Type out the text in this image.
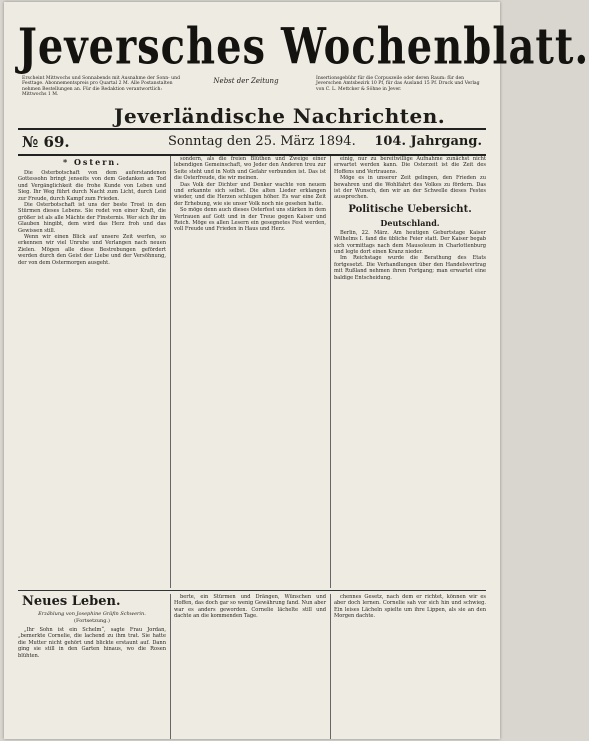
Jeversches Wochenblatt.
Erscheint Mittwochs und Sonnabends mit Ausnahme der Sonn- und Festtage. Abonnementspreis pro Quartal 2 M. Alle Postanstalten nehmen Bestellungen an. Für die Redaktion verantwortlich: Mittwochs 1 M.
Nebst der Zeitung	Insertionsgebühr für die Corpuszeile oder deren Raum: für den Jeverschen Amtsbezirk 10 Pf, für das Ausland 15 Pf. Druck und Verlag von C. L. Mettcker & Söhne in Jever.
Jeverländische Nachrichten.
№ 69.	Sonntag den 25. März 1894. 104. Jahrgang.
* Ostern.

Die Osterbotschaft von dem auferstandenen Gottessohn bringt jenseits von dem Gedanken an Tod und Vergänglichkeit die frohe Kunde von Leben und Sieg. Ihr Weg führt durch Nacht zum Licht, durch Leid zur Freude, durch Kampf zum Frieden.

Die Osterbotschaft ist uns der beste Trost in den Stürmen dieses Lebens. Sie redet von einer Kraft, die größer ist als alle Mächte der Finsternis. Wer sich ihr im Glauben hingibt, dem wird das Herz froh und das Gewissen still.

Wenn wir einen Blick auf unsere Zeit werfen, so erkennen wir viel Unruhe und Verlangen nach neuen Zielen. Mögen alle diese Bestrebungen gefördert werden durch den Geist der Liebe und der Versöhnung, der von dem Ostermorgen ausgeht.

sondern, als die freien Blüthen und Zweige einer lebendigen Gemeinschaft, wo Jeder den Anderen treu zur Seite steht und in Noth und Gefahr verbunden ist. Das ist die Osterfreude, die wir meinen.

Das Volk der Dichter und Denker wachte von neuem und erkannte sich selbst. Die alten Lieder erklangen wieder, und die Herzen schlugen höher. Es war eine Zeit der Erhebung, wie sie unser Volk noch nie gesehen hatte.

So möge denn auch dieses Osterfest uns stärken in dem Vertrauen auf Gott und in der Treue gegen Kaiser und Reich. Möge es allen Lesern ein gesegnetes Fest werden, voll Freude und Frieden in Haus und Herz.

einig, nur zu bereitwillige Aufnahme zunächst nicht erwartet werden kann. Die Osterzeit ist die Zeit des Hoffens und Vertrauens.

Möge es in unserer Zeit gelingen, den Frieden zu bewahren und die Wohlfahrt des Volkes zu fördern. Das ist der Wunsch, den wir an der Schwelle dieses Festes aussprechen.

Politische Uebersicht.
Deutschland.

Berlin, 22. März. Am heutigen Geburtstage Kaiser Wilhelms I. fand die übliche Feier statt. Der Kaiser begab sich vormittags nach dem Mausoleum in Charlottenburg und legte dort einen Kranz nieder.

Im Reichstage wurde die Berathung des Etats fortgesetzt. Die Verhandlungen über den Handelsvertrag mit Rußland nehmen ihren Fortgang; man erwartet eine baldige Entscheidung.

Neues Leben.

Erzählung von Josephine Gräfin Schwerin.

(Fortsetzung.)

„Ihr Sohn ist ein Schelm“, sagte Frau Jordan, „bemerkte Cornelie, die lachend zu ihm trat. Sie hatte die Mutter nicht gehört und blickte erstaunt auf. Dann ging sie still in den Garten hinaus, wo die Rosen blühten.

berte, ein Stürmen und Drängen, Wünschen und Hoffen, das doch gar so wenig Gewährung fand. Nun aber war es anders geworden. Cornelie lächelte still und dachte an die kommenden Tage.

chennes Gesetz, nach dem er richtet, können wir es aber doch lernen. Cornelie sah vor sich hin und schwieg. Ein leises Lächeln spielte um ihre Lippen, als sie an den Morgen dachte.
